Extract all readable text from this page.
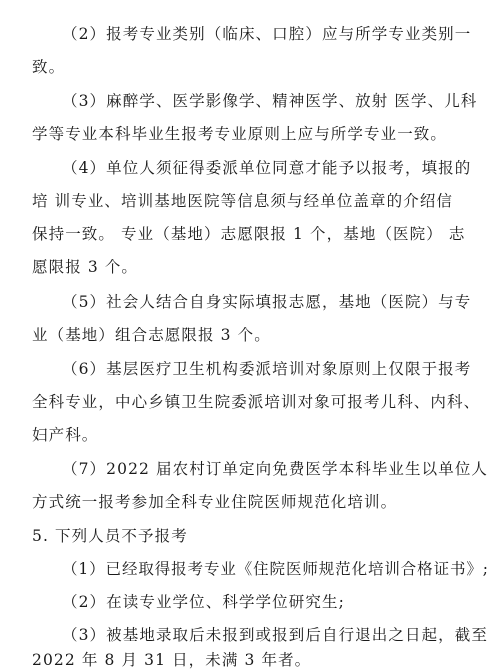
（2）报考专业类别（临床、口腔）应与所学专业类别一
致。
（3）麻醉学、医学影像学、精神医学、放射 医学、儿科
学等专业本科毕业生报考专业原则上应与所学专业一致。
（4）单位人须征得委派单位同意才能予以报考，填报的
培 训专业、培训基地医院等信息须与经单位盖章的介绍信
保持一致。 专业（基地）志愿限报 1 个，基地（医院） 志
愿限报 3 个。
（5）社会人结合自身实际填报志愿，基地（医院）与专
业（基地）组合志愿限报 3 个。
（6）基层医疗卫生机构委派培训对象原则上仅限于报考
全科专业，中心乡镇卫生院委派培训对象可报考儿科、内科、
妇产科。
（7）2022 届农村订单定向免费医学本科毕业生以单位人
方式统一报考参加全科专业住院医师规范化培训。
5. 下列人员不予报考
（1）已经取得报考专业《住院医师规范化培训合格证书》;
（2）在读专业学位、科学学位研究生;
（3）被基地录取后未报到或报到后自行退出之日起，截至
2022 年 8 月 31 日，未满 3 年者。
